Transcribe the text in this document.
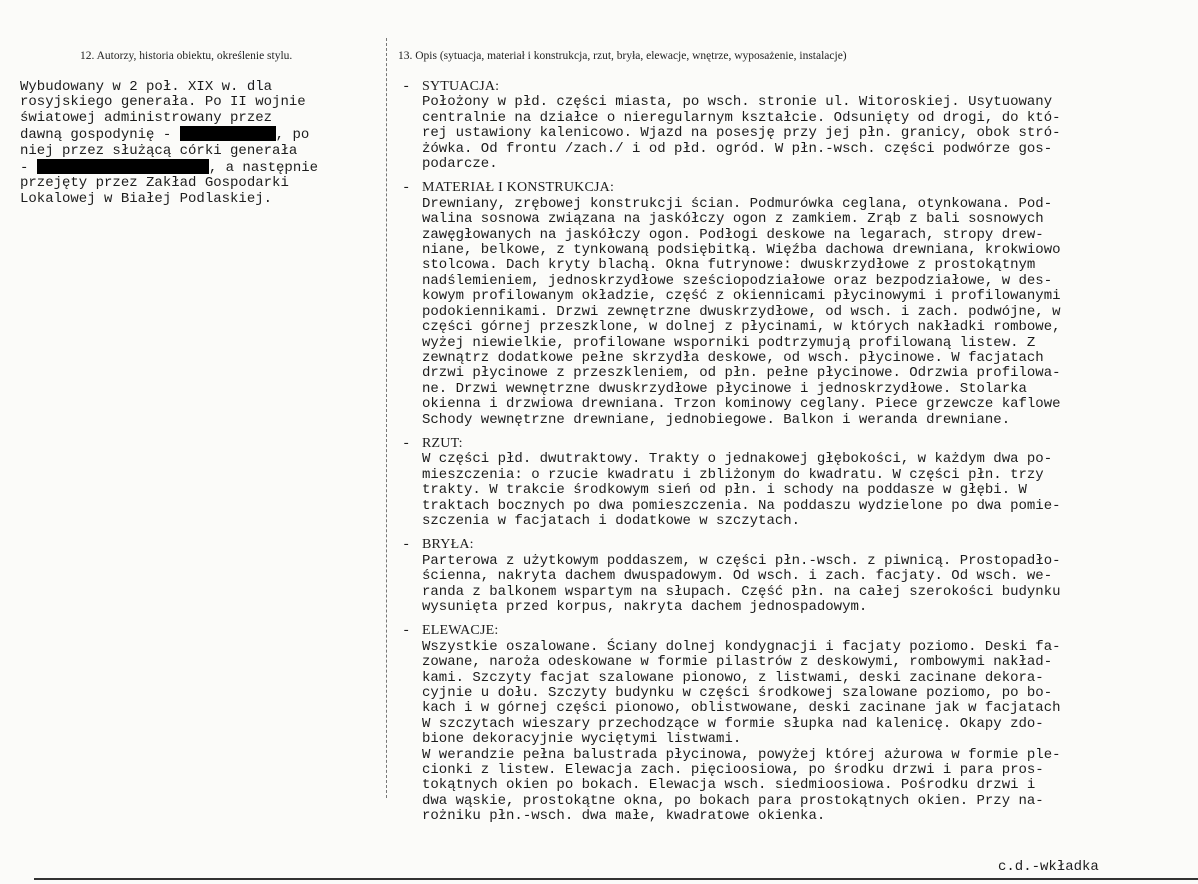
12. Autorzy, historia obiektu, określenie stylu.	13. Opis (sytuacja, materiał i konstrukcja, rzut, bryła, elewacje, wnętrze, wyposażenie, instalacje)
Wybudowany w 2 poł. XIX w. dla
rosyjskiego generała. Po II wojnie
światowej administrowany przez
dawną gospodynię -	, po
niej przez służącą córki generała
-	, a następnie
przejęty przez Zakład Gospodarki
Lokalowej w Białej Podlaskiej.
- SYTUACJA:
Położony w płd. części miasta, po wsch. stronie ul. Witoroskiej. Usytuowany
centralnie na działce o nieregularnym kształcie. Odsunięty od drogi, do któ-
rej ustawiony kalenicowo. Wjazd na posesję przy jej płn. granicy, obok stró-
żówka. Od frontu /zach./ i od płd. ogród. W płn.-wsch. części podwórze gos-
podarcze.
- MATERIAŁ I KONSTRUKCJA:
Drewniany, zrębowej konstrukcji ścian. Podmurówka ceglana, otynkowana. Pod-
walina sosnowa związana na jaskółczy ogon z zamkiem. Zrąb z bali sosnowych
zawęgłowanych na jaskółczy ogon. Podłogi deskowe na legarach, stropy drew-
niane, belkowe, z tynkowaną podsiębitką. Więźba dachowa drewniana, krokwiowo
stolcowa. Dach kryty blachą. Okna futrynowe: dwuskrzydłowe z prostokątnym
nadślemieniem, jednoskrzydłowe sześciopodziałowe oraz bezpodziałowe, w des-
kowym profilowanym okładzie, część z okiennicami płycinowymi i profilowanymi
podokiennikami. Drzwi zewnętrzne dwuskrzydłowe, od wsch. i zach. podwójne, w
części górnej przeszklone, w dolnej z płycinami, w których nakładki rombowe,
wyżej niewielkie, profilowane wsporniki podtrzymują profilowaną listew. Z
zewnątrz dodatkowe pełne skrzydła deskowe, od wsch. płycinowe. W facjatach
drzwi płycinowe z przeszkleniem, od płn. pełne płycinowe. Odrzwia profilowa-
ne. Drzwi wewnętrzne dwuskrzydłowe płycinowe i jednoskrzydłowe. Stolarka
okienna i drzwiowa drewniana. Trzon kominowy ceglany. Piece grzewcze kaflowe
Schody wewnętrzne drewniane, jednobiegowe. Balkon i weranda drewniane.
- RZUT:
W części płd. dwutraktowy. Trakty o jednakowej głębokości, w każdym dwa po-
mieszczenia: o rzucie kwadratu i zbliżonym do kwadratu. W części płn. trzy
trakty. W trakcie środkowym sień od płn. i schody na poddasze w głębi. W
traktach bocznych po dwa pomieszczenia. Na poddaszu wydzielone po dwa pomie-
szczenia w facjatach i dodatkowe w szczytach.
- BRYŁA:
Parterowa z użytkowym poddaszem, w części płn.-wsch. z piwnicą. Prostopadło-
ścienna, nakryta dachem dwuspadowym. Od wsch. i zach. facjaty. Od wsch. we-
randa z balkonem wspartym na słupach. Część płn. na całej szerokości budynku
wysunięta przed korpus, nakryta dachem jednospadowym.
- ELEWACJE:
Wszystkie oszalowane. Ściany dolnej kondygnacji i facjaty poziomo. Deski fa-
zowane, naroża odeskowane w formie pilastrów z deskowymi, rombowymi nakład-
kami. Szczyty facjat szalowane pionowo, z listwami, deski zacinane dekora-
cyjnie u dołu. Szczyty budynku w części środkowej szalowane poziomo, po bo-
kach i w górnej części pionowo, oblistwowane, deski zacinane jak w facjatach
W szczytach wieszary przechodzące w formie słupka nad kalenicę. Okapy zdo-
bione dekoracyjnie wyciętymi listwami.
W werandzie pełna balustrada płycinowa, powyżej której ażurowa w formie ple-
cionki z listew. Elewacja zach. pięcioosiowa, po środku drzwi i para pros-
tokątnych okien po bokach. Elewacja wsch. siedmioosiowa. Pośrodku drzwi i
dwa wąskie, prostokątne okna, po bokach para prostokątnych okien. Przy na-
rożniku płn.-wsch. dwa małe, kwadratowe okienka.
c.d.-wkładka
